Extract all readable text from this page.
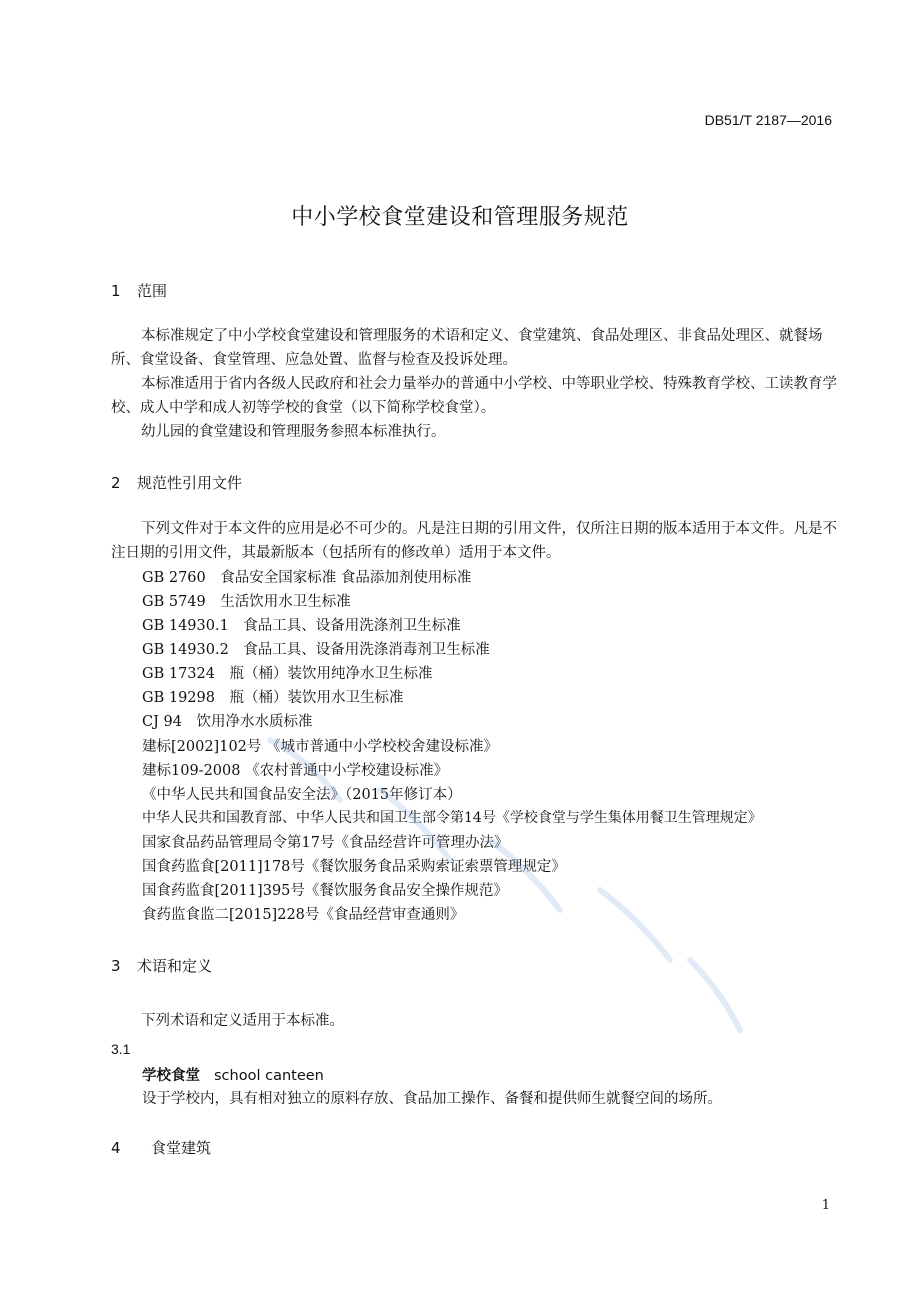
DB51/T 2187—2016
中小学校食堂建设和管理服务规范
1 范围
本标准规定了中小学校食堂建设和管理服务的术语和定义、食堂建筑、食品处理区、非食品处理区、就餐场所、食堂设备、食堂管理、应急处置、监督与检查及投诉处理。
本标准适用于省内各级人民政府和社会力量举办的普通中小学校、中等职业学校、特殊教育学校、工读教育学校、成人中学和成人初等学校的食堂（以下简称学校食堂）。
幼儿园的食堂建设和管理服务参照本标准执行。
2 规范性引用文件
下列文件对于本文件的应用是必不可少的。凡是注日期的引用文件，仅所注日期的版本适用于本文件。凡是不注日期的引用文件，其最新版本（包括所有的修改单）适用于本文件。
GB 2760　食品安全国家标准 食品添加剂使用标准
GB 5749　生活饮用水卫生标准
GB 14930.1　食品工具、设备用洗涤剂卫生标准
GB 14930.2　食品工具、设备用洗涤消毒剂卫生标准
GB 17324　瓶（桶）装饮用纯净水卫生标准
GB 19298　瓶（桶）装饮用水卫生标准
CJ 94　饮用净水水质标准
建标[2002]102号 《城市普通中小学校校舍建设标准》
建标109-2008 《农村普通中小学校建设标准》
《中华人民共和国食品安全法》（2015年修订本）
中华人民共和国教育部、中华人民共和国卫生部令第14号《学校食堂与学生集体用餐卫生管理规定》
国家食品药品管理局令第17号《食品经营许可管理办法》
国食药监食[2011]178号《餐饮服务食品采购索证索票管理规定》
国食药监食[2011]395号《餐饮服务食品安全操作规范》
食药监食监二[2015]228号《食品经营审查通则》
3 术语和定义
下列术语和定义适用于本标准。
3.1
学校食堂 school canteen
设于学校内，具有相对独立的原料存放、食品加工操作、备餐和提供师生就餐空间的场所。
4 食堂建筑
1
